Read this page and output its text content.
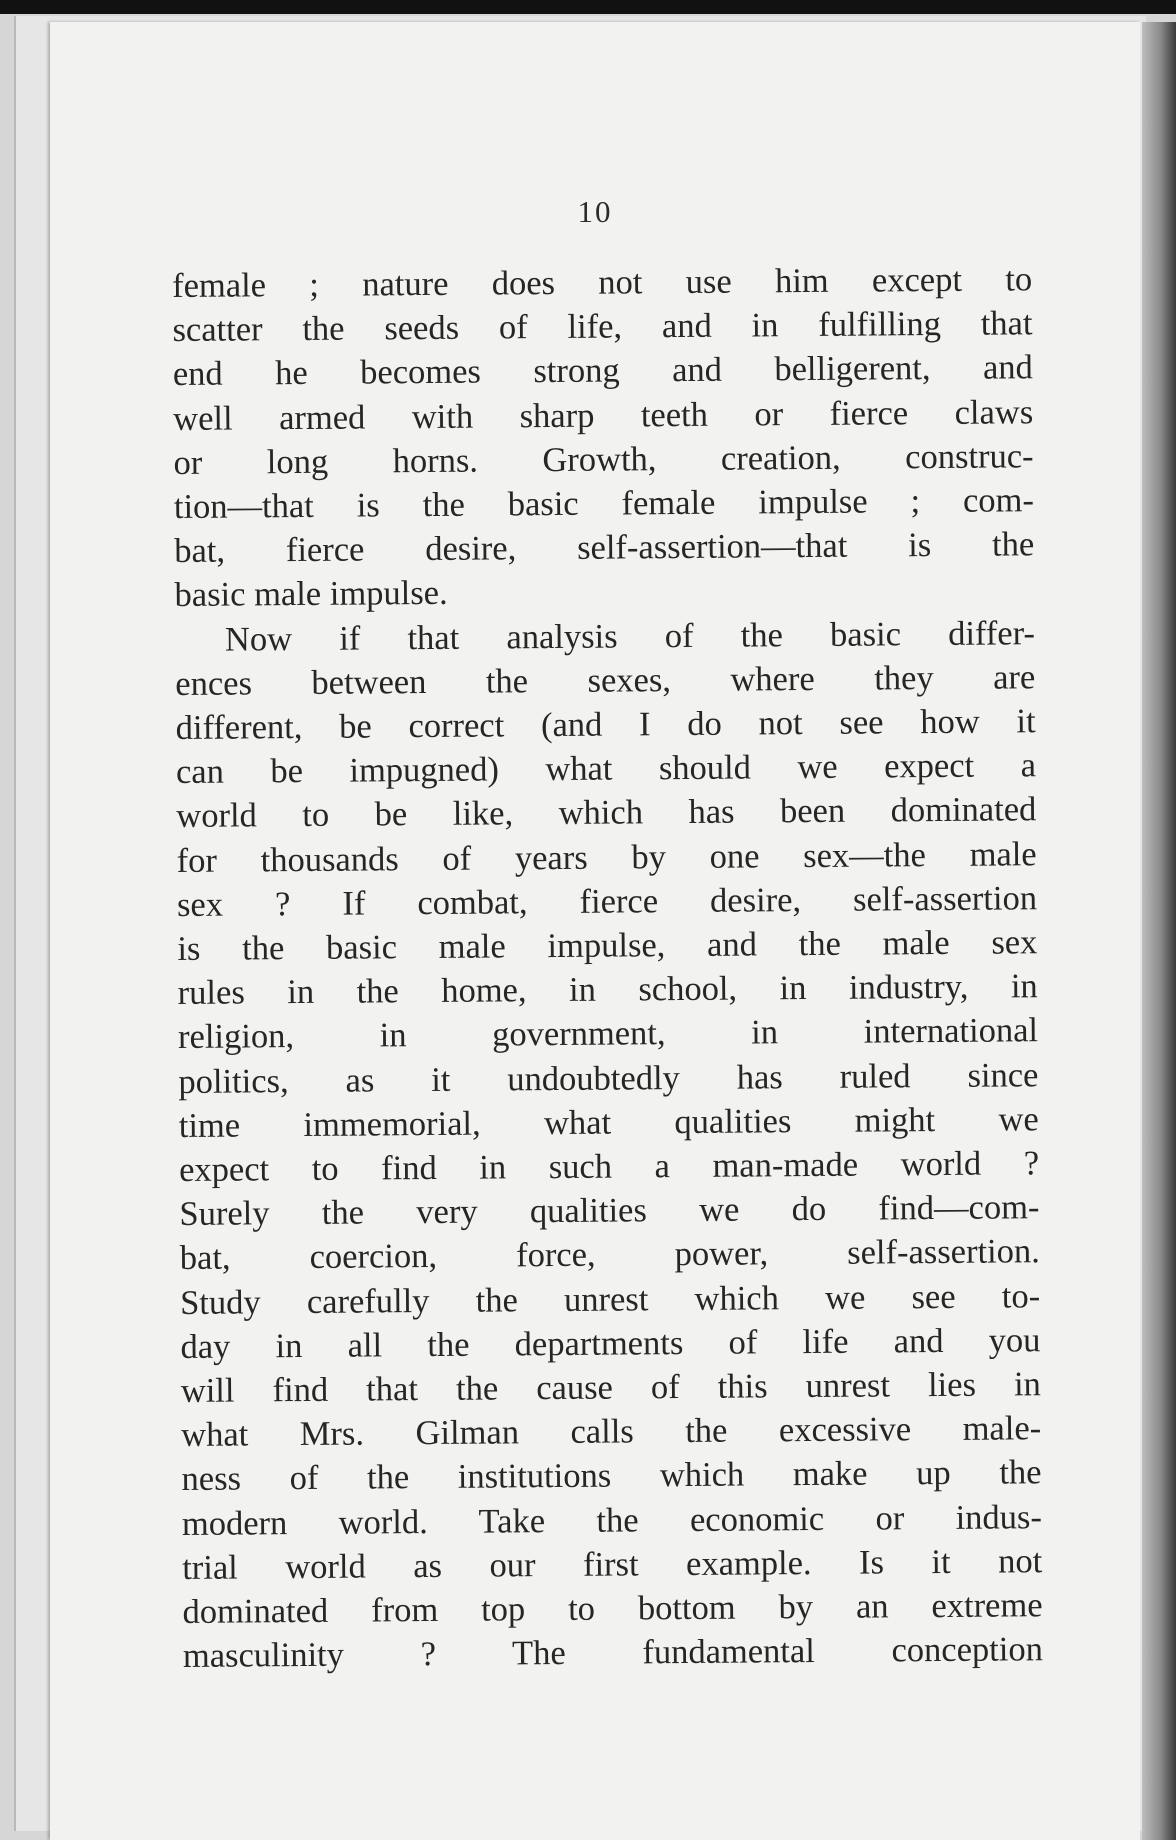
10
female ; nature does not use him except to
scatter the seeds of life, and in fulfilling that
end he becomes strong and belligerent, and
well armed with sharp teeth or fierce claws
or long horns. Growth, creation, construc-
tion—that is the basic female impulse ; com-
bat, fierce desire, self-assertion—that is the
basic male impulse.
Now if that analysis of the basic differ-
ences between the sexes, where they are
different, be correct (and I do not see how it
can be impugned) what should we expect a
world to be like, which has been dominated
for thousands of years by one sex—the male
sex ? If combat, fierce desire, self-assertion
is the basic male impulse, and the male sex
rules in the home, in school, in industry, in
religion, in government, in international
politics, as it undoubtedly has ruled since
time immemorial, what qualities might we
expect to find in such a man-made world ?
Surely the very qualities we do find—com-
bat, coercion, force, power, self-assertion.
Study carefully the unrest which we see to-
day in all the departments of life and you
will find that the cause of this unrest lies in
what Mrs. Gilman calls the excessive male-
ness of the institutions which make up the
modern world. Take the economic or indus-
trial world as our first example. Is it not
dominated from top to bottom by an extreme
masculinity ? The fundamental conception
